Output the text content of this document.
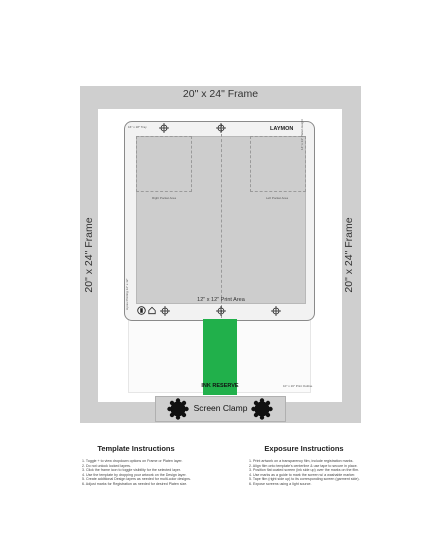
20" x 24" Frame
20" x 24" Frame	20" x 24" Frame
Right Pocket Area	Left Pocket Area
16" x 18" Tray	14" x 14" Platen Height
Hyrax Printing 12" x 12"
10" x 16" Print Outline
12" x 12" Print Area
LAYMON
INK RESERVE
Screen Clamp
Template Instructions
1. Toggle + to view dropdown options on Frame or Platen layer.
2. Do not unlock locked layers.
3. Click the frame icon to toggle visibility for the selected layer.
4. Use the template by dropping your artwork on the Design layer.
5. Create additional Design layers as needed for multi-color designs.
6. Adjust marks for Registration as needed for desired Platen size.
Exposure Instructions
1. Print artwork on a transparency film, include registration marks.
2. Align film onto template's centerline & use tape to secure in place.
3. Position flat coated screen (ink side up) over the marks on the film.
4. Use marks as a guide to mark the screen w/ a washable marker.
5. Tape film (right side up) to its corresponding screen (garment side).
6. Expose screens using a light source.
